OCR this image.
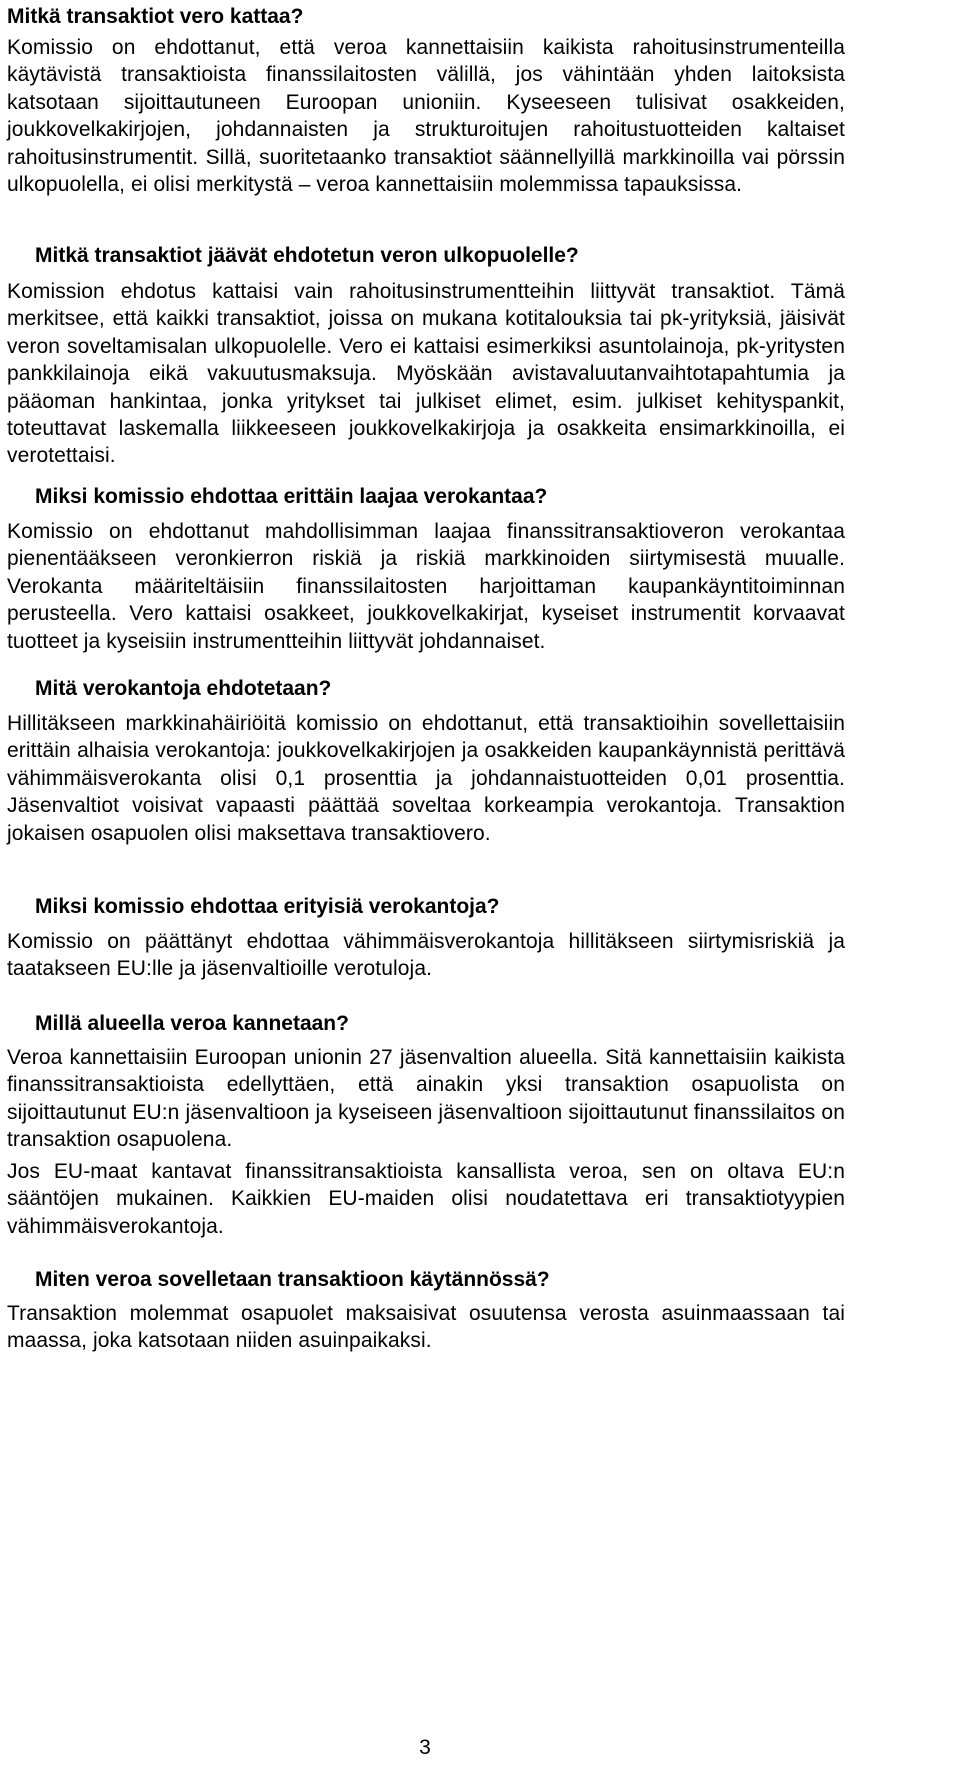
Mitkä transaktiot vero kattaa?
Komissio on ehdottanut, että veroa kannettaisiin kaikista rahoitusinstrumenteilla käytävistä transaktioista finanssilaitosten välillä, jos vähintään yhden laitoksista katsotaan sijoittautuneen Euroopan unioniin. Kyseeseen tulisivat osakkeiden, joukkovelkakirjojen, johdannaisten ja strukturoitujen rahoitustuotteiden kaltaiset rahoitusinstrumentit. Sillä, suoritetaanko transaktiot säännellyillä markkinoilla vai pörssin ulkopuolella, ei olisi merkitystä – veroa kannettaisiin molemmissa tapauksissa.
Mitkä transaktiot jäävät ehdotetun veron ulkopuolelle?
Komission ehdotus kattaisi vain rahoitusinstrumentteihin liittyvät transaktiot. Tämä merkitsee, että kaikki transaktiot, joissa on mukana kotitalouksia tai pk-yrityksiä, jäisivät veron soveltamisalan ulkopuolelle. Vero ei kattaisi esimerkiksi asuntolainoja, pk-yritysten pankkilainoja eikä vakuutusmaksuja. Myöskään avistavaluutanvaihtotapahtumia ja pääoman hankintaa, jonka yritykset tai julkiset elimet, esim. julkiset kehityspankit, toteuttavat laskemalla liikkeeseen joukkovelkakirjoja ja osakkeita ensimarkkinoilla, ei verotettaisi.
Miksi komissio ehdottaa erittäin laajaa verokantaa?
Komissio on ehdottanut mahdollisimman laajaa finanssitransaktioveron verokantaa pienentääkseen veronkierron riskiä ja riskiä markkinoiden siirtymisestä muualle. Verokanta määriteltäisiin finanssilaitosten harjoittaman kaupankäyntitoiminnan perusteella. Vero kattaisi osakkeet, joukkovelkakirjat, kyseiset instrumentit korvaavat tuotteet ja kyseisiin instrumentteihin liittyvät johdannaiset.
Mitä verokantoja ehdotetaan?
Hillitäkseen markkinahäiriöitä komissio on ehdottanut, että transaktioihin sovellettaisiin erittäin alhaisia verokantoja: joukkovelkakirjojen ja osakkeiden kaupankäynnistä perittävä vähimmäisverokanta olisi 0,1 prosenttia ja johdannaistuotteiden 0,01 prosenttia. Jäsenvaltiot voisivat vapaasti päättää soveltaa korkeampia verokantoja. Transaktion jokaisen osapuolen olisi maksettava transaktiovero.
Miksi komissio ehdottaa erityisiä verokantoja?
Komissio on päättänyt ehdottaa vähimmäisverokantoja hillitäkseen siirtymisriskiä ja taatakseen EU:lle ja jäsenvaltioille verotuloja.
Millä alueella veroa kannetaan?
Veroa kannettaisiin Euroopan unionin 27 jäsenvaltion alueella. Sitä kannettaisiin kaikista finanssitransaktioista edellyttäen, että ainakin yksi transaktion osapuolista on sijoittautunut EU:n jäsenvaltioon ja kyseiseen jäsenvaltioon sijoittautunut finanssilaitos on transaktion osapuolena.
Jos EU-maat kantavat finanssitransaktioista kansallista veroa, sen on oltava EU:n sääntöjen mukainen. Kaikkien EU-maiden olisi noudatettava eri transaktiotyypien vähimmäisverokantoja.
Miten veroa sovelletaan transaktioon käytännössä?
Transaktion molemmat osapuolet maksaisivat osuutensa verosta asuinmaassaan tai maassa, joka katsotaan niiden asuinpaikaksi.
3
